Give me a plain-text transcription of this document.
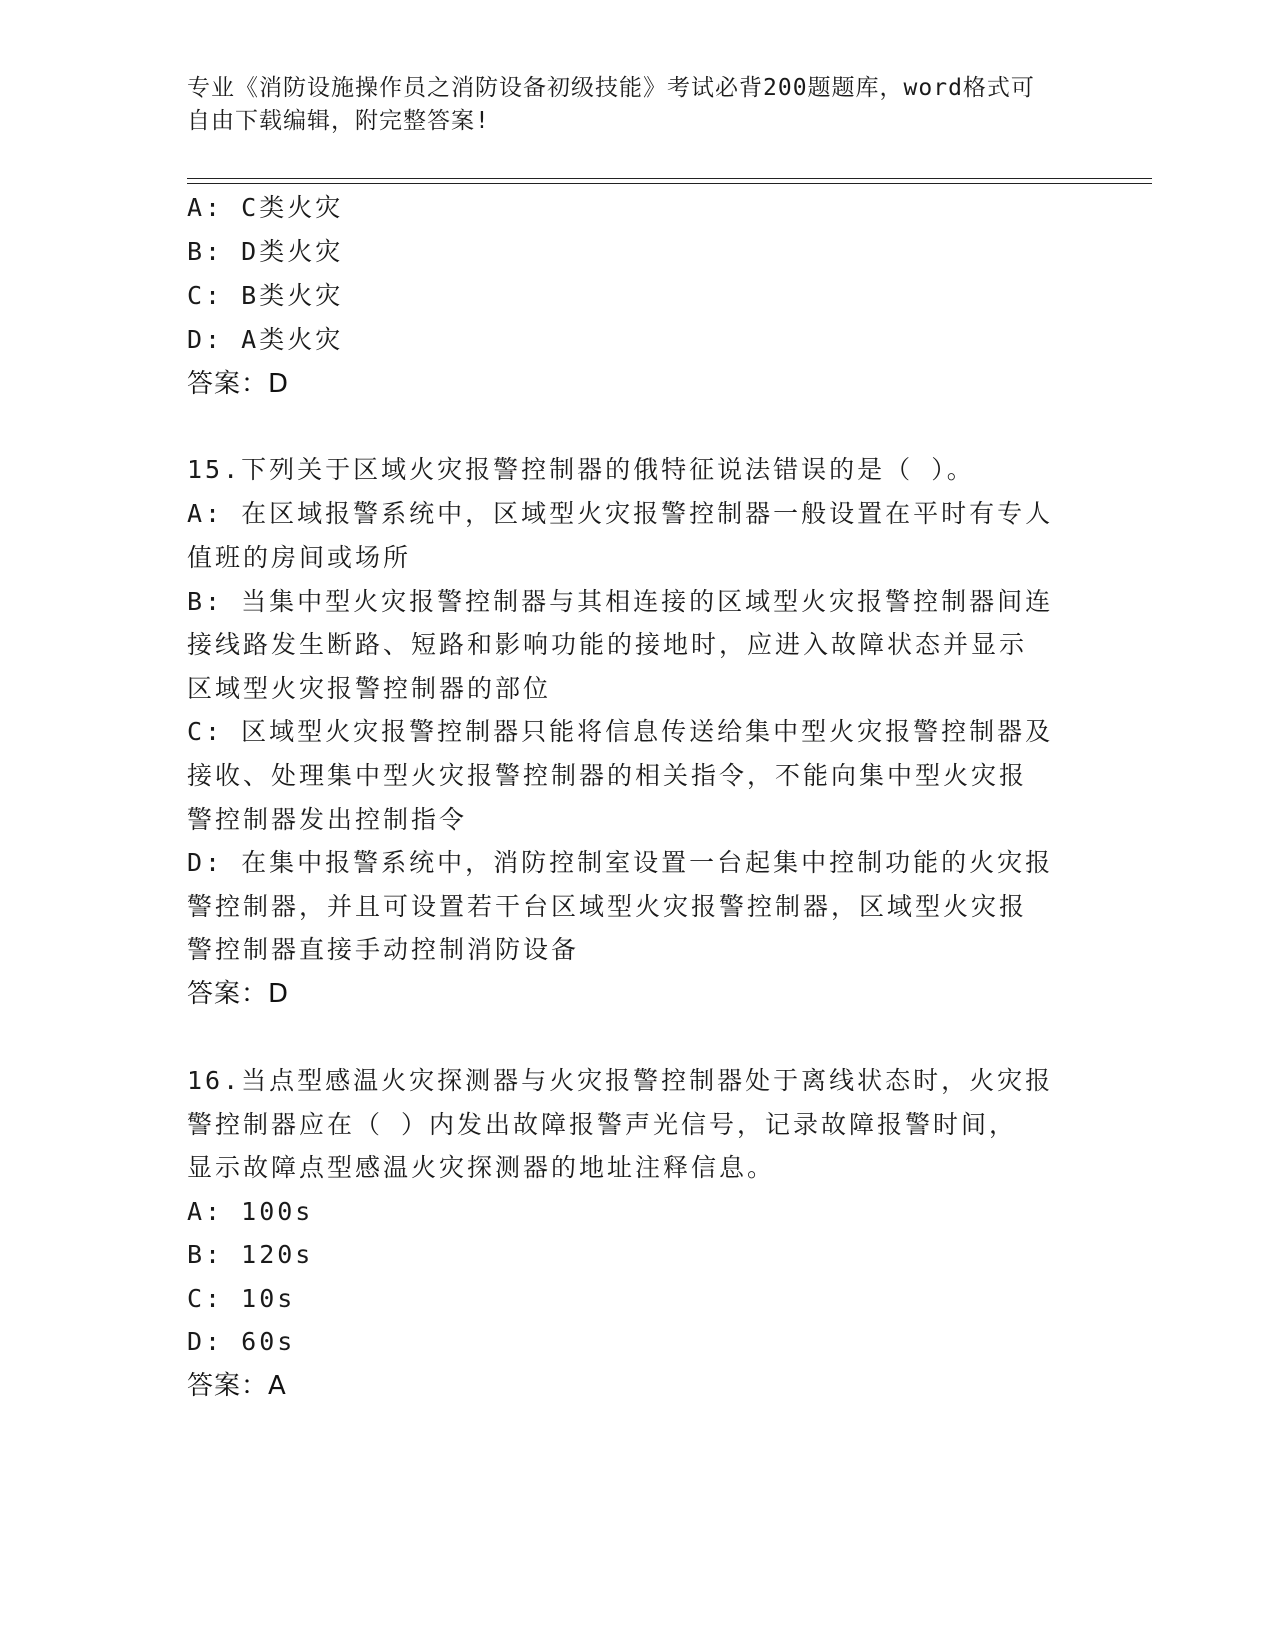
专业《消防设施操作员之消防设备初级技能》考试必背200题题库，word格式可
自由下载编辑，附完整答案!
A: C类火灾
B: D类火灾
C: B类火灾
D: A类火灾
答案：D
15.下列关于区域火灾报警控制器的俄特征说法错误的是（ ）。
A: 在区域报警系统中，区域型火灾报警控制器一般设置在平时有专人
值班的房间或场所
B: 当集中型火灾报警控制器与其相连接的区域型火灾报警控制器间连
接线路发生断路、短路和影响功能的接地时，应进入故障状态并显示
区域型火灾报警控制器的部位
C: 区域型火灾报警控制器只能将信息传送给集中型火灾报警控制器及
接收、处理集中型火灾报警控制器的相关指令，不能向集中型火灾报
警控制器发出控制指令
D: 在集中报警系统中，消防控制室设置一台起集中控制功能的火灾报
警控制器，并且可设置若干台区域型火灾报警控制器，区域型火灾报
警控制器直接手动控制消防设备
答案：D
16.当点型感温火灾探测器与火灾报警控制器处于离线状态时，火灾报
警控制器应在（ ）内发出故障报警声光信号，记录故障报警时间，
显示故障点型感温火灾探测器的地址注释信息。
A: 100s
B: 120s
C: 10s
D: 60s
答案：A
